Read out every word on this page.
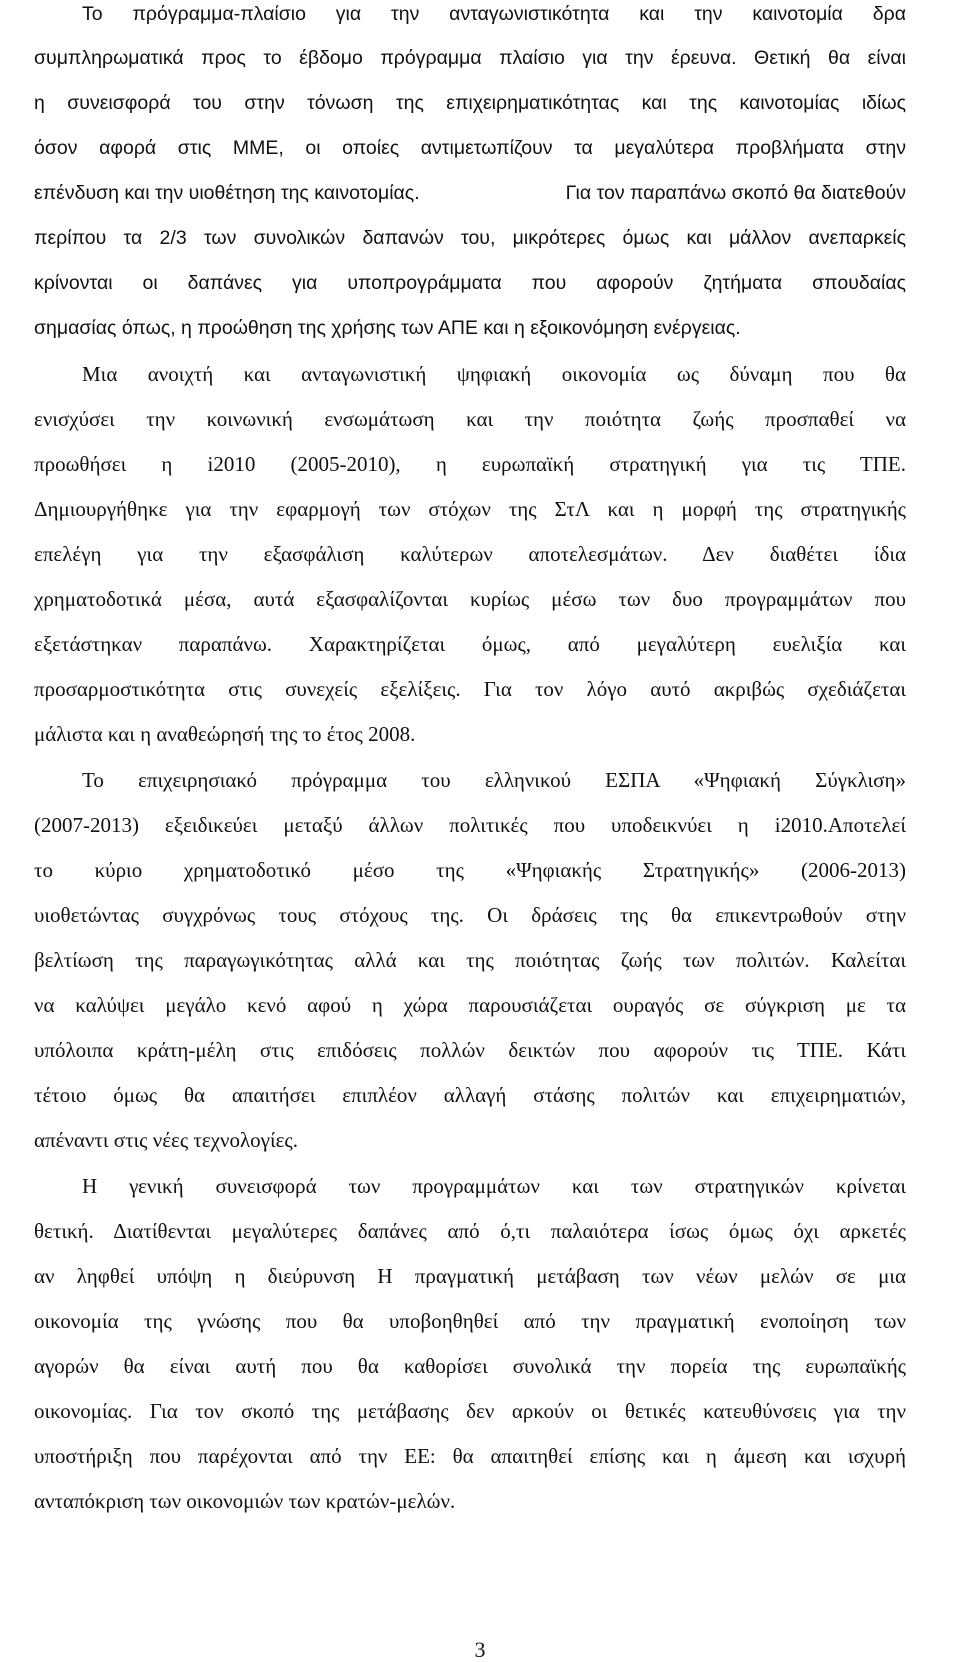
Το πρόγραμμα-πλαίσιο για την ανταγωνιστικότητα και την καινοτομία δρα
συμπληρωματικά προς το έβδομο πρόγραμμα πλαίσιο για την έρευνα. Θετική θα είναι
η συνεισφορά του στην τόνωση της επιχειρηματικότητας και της καινοτομίας ιδίως
όσον αφορά στις ΜΜΕ, οι οποίες αντιμετωπίζουν τα μεγαλύτερα προβλήματα στην
επένδυση και την υιοθέτηση της καινοτομίας.	Για τον παραπάνω σκοπό θα διατεθούν
περίπου τα 2/3 των συνολικών δαπανών του, μικρότερες όμως και μάλλον ανεπαρκείς
κρίνονται οι δαπάνες για υποπρογράμματα που αφορούν ζητήματα σπουδαίας
σημασίας όπως, η προώθηση της χρήσης των ΑΠΕ και η εξοικονόμηση ενέργειας.
Μια ανοιχτή και ανταγωνιστική ψηφιακή οικονομία ως δύναμη που θα
ενισχύσει την κοινωνική ενσωμάτωση και την ποιότητα ζωής προσπαθεί να
προωθήσει η i2010 (2005-2010), η ευρωπαϊκή στρατηγική για τις ΤΠΕ.
Δημιουργήθηκε για την εφαρμογή των στόχων της ΣτΛ και η μορφή της στρατηγικής
επελέγη για την εξασφάλιση καλύτερων αποτελεσμάτων. Δεν διαθέτει ίδια
χρηματοδοτικά μέσα, αυτά εξασφαλίζονται κυρίως μέσω των δυο προγραμμάτων που
εξετάστηκαν παραπάνω. Χαρακτηρίζεται όμως, από μεγαλύτερη ευελιξία και
προσαρμοστικότητα στις συνεχείς εξελίξεις. Για τον λόγο αυτό ακριβώς σχεδιάζεται
μάλιστα και η αναθεώρησή της το έτος 2008.
Το επιχειρησιακό πρόγραμμα του ελληνικού ΕΣΠΑ «Ψηφιακή Σύγκλιση»
(2007-2013) εξειδικεύει μεταξύ άλλων πολιτικές που υποδεικνύει η i2010.Αποτελεί
το κύριο χρηματοδοτικό μέσο της «Ψηφιακής Στρατηγικής» (2006-2013)
υιοθετώντας συγχρόνως τους στόχους της. Οι δράσεις της θα επικεντρωθούν στην
βελτίωση της παραγωγικότητας αλλά και της ποιότητας ζωής των πολιτών. Καλείται
να καλύψει μεγάλο κενό αφού η χώρα παρουσιάζεται ουραγός σε σύγκριση με τα
υπόλοιπα κράτη-μέλη στις επιδόσεις πολλών δεικτών που αφορούν τις ΤΠΕ. Κάτι
τέτοιο όμως θα απαιτήσει επιπλέον αλλαγή στάσης πολιτών και επιχειρηματιών,
απέναντι στις νέες τεχνολογίες.
Η γενική συνεισφορά των προγραμμάτων και των στρατηγικών κρίνεται
θετική. Διατίθενται μεγαλύτερες δαπάνες από ό,τι παλαιότερα ίσως όμως όχι αρκετές
αν ληφθεί υπόψη η διεύρυνση Η πραγματική μετάβαση των νέων μελών σε μια
οικονομία της γνώσης που θα υποβοηθηθεί από την πραγματική ενοποίηση των
αγορών θα είναι αυτή που θα καθορίσει συνολικά την πορεία της ευρωπαϊκής
οικονομίας. Για τον σκοπό της μετάβασης δεν αρκούν οι θετικές κατευθύνσεις για την
υποστήριξη που παρέχονται από την ΕΕ: θα απαιτηθεί επίσης και η άμεση και ισχυρή
ανταπόκριση των οικονομιών των κρατών-μελών.
3
